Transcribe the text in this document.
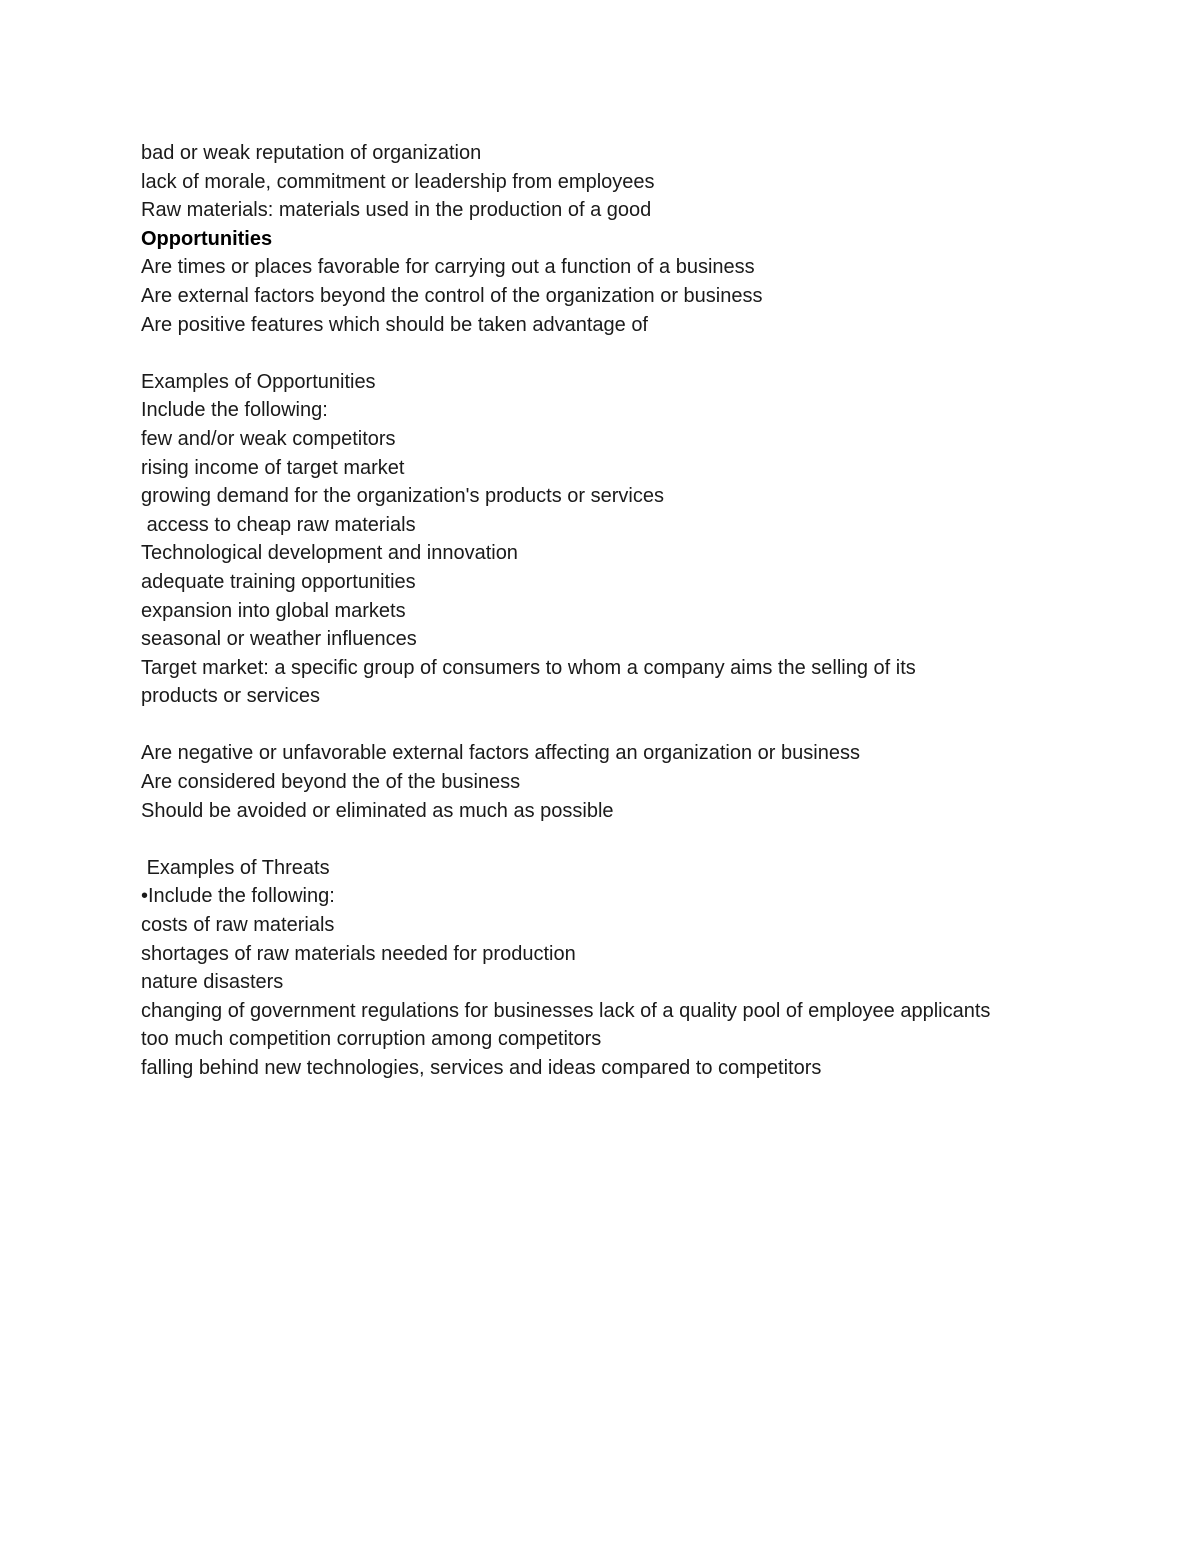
bad or weak reputation of organization
lack of morale, commitment or leadership from employees
Raw materials: materials used in the production of a good
Opportunities
Are times or places favorable for carrying out a function of a business
Are external factors beyond the control of the organization or business
Are positive features which should be taken advantage of
Examples of Opportunities
Include the following:
few and/or weak competitors
rising income of target market
growing demand for the organization's products or services
access to cheap raw materials
Technological development and innovation
adequate training opportunities
expansion into global markets
seasonal or weather influences
Target market: a specific group of consumers to whom a company aims the selling of its
products or services
Are negative or unfavorable external factors affecting an organization or business
Are considered beyond the of the business
Should be avoided or eliminated as much as possible
Examples of Threats
•Include the following:
costs of raw materials
shortages of raw materials needed for production
nature disasters
changing of government regulations for businesses lack of a quality pool of employee applicants
too much competition corruption among competitors
falling behind new technologies, services and ideas compared to competitors
